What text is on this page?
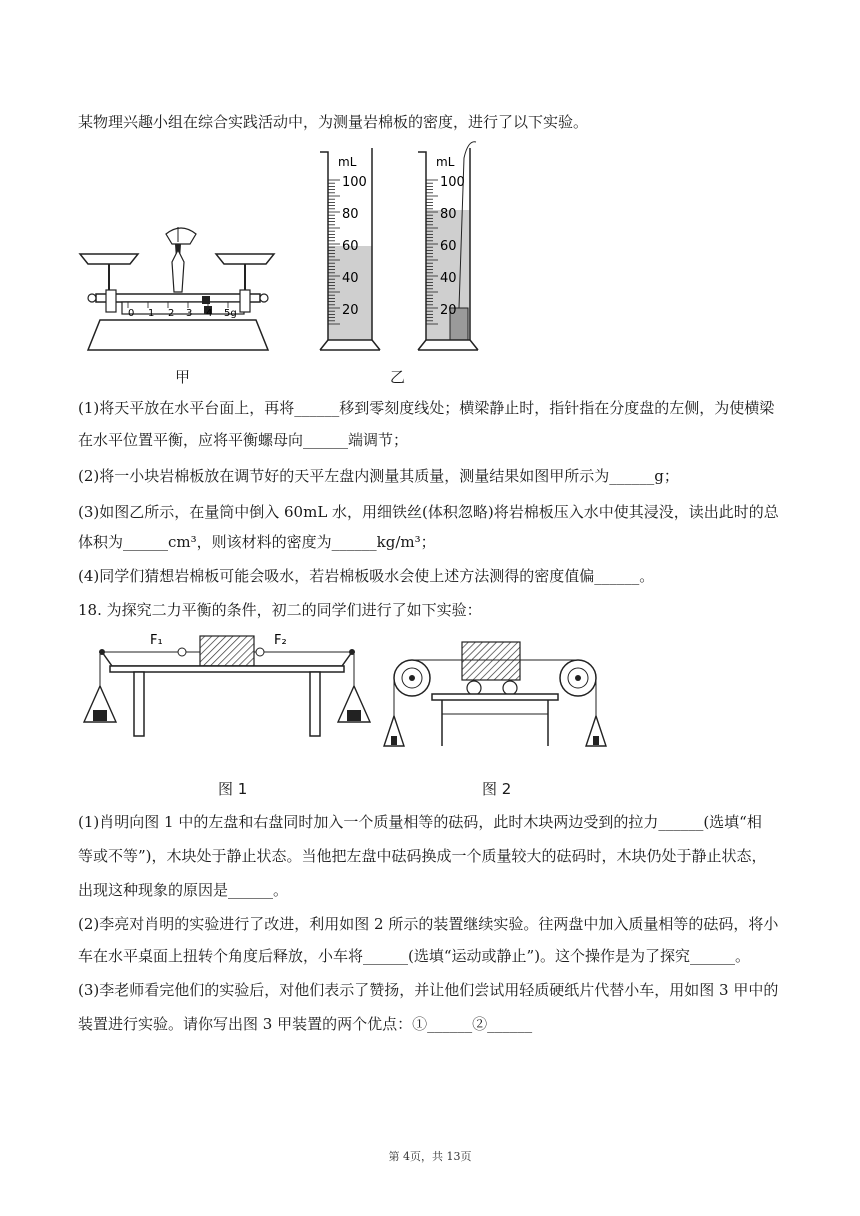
某物理兴趣小组在综合实践活动中，为测量岩棉板的密度，进行了以下实验。
0 1 2 3 4 5g
甲
mL
100
80
60
40
20
mL
100
80
60
40
20
乙
(1)将天平放在水平台面上，再将______移到零刻度线处；横梁静止时，指针指在分度盘的左侧，为使横梁
在水平位置平衡，应将平衡螺母向______端调节；
(2)将一小块岩棉板放在调节好的天平左盘内测量其质量，测量结果如图甲所示为______g；
(3)如图乙所示，在量筒中倒入 60mL 水，用细铁丝(体积忽略)将岩棉板压入水中使其浸没，读出此时的总
体积为______cm³，则该材料的密度为______kg/m³；
(4)同学们猜想岩棉板可能会吸水，若岩棉板吸水会使上述方法测得的密度值偏______。
18. 为探究二力平衡的条件，初二的同学们进行了如下实验：
F₁	F₂
图 1	图 2
(1)肖明向图 1 中的左盘和右盘同时加入一个质量相等的砝码，此时木块两边受到的拉力______(选填“相
等或不等”)，木块处于静止状态。当他把左盘中砝码换成一个质量较大的砝码时，木块仍处于静止状态，
出现这种现象的原因是______。
(2)李亮对肖明的实验进行了改进，利用如图 2 所示的装置继续实验。往两盘中加入质量相等的砝码，将小
车在水平桌面上扭转个角度后释放，小车将______(选填“运动或静止”)。这个操作是为了探究______。
(3)李老师看完他们的实验后，对他们表示了赞扬，并让他们尝试用轻质硬纸片代替小车，用如图 3 甲中的
装置进行实验。请你写出图 3 甲装置的两个优点：①______②______
第 4页，共 13页
